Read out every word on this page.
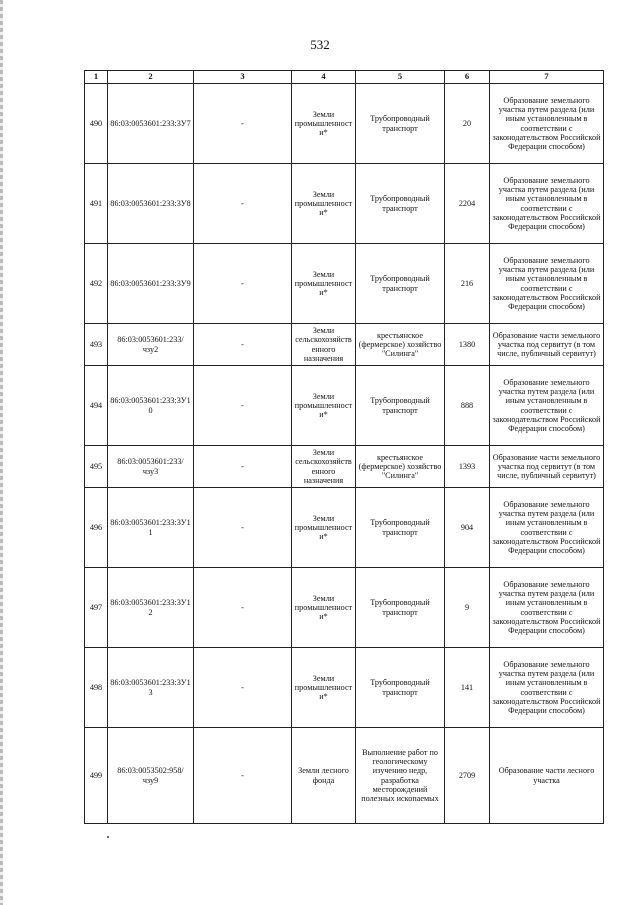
532
1	2	3	4	5	6	7
490	86:03:0053601:233:3У7	-	Земли промышленности*	Трубопроводный транспорт	20	Образование земельного участка путем раздела (или иным установленным в соответствии с законодательством Российской Федерации способом)
491	86:03:0053601:233:3У8	-	Земли промышленности*	Трубопроводный транспорт	2204	Образование земельного участка путем раздела (или иным установленным в соответствии с законодательством Российской Федерации способом)
492	86:03:0053601:233:3У9	-	Земли промышленности*	Трубопроводный транспорт	216	Образование земельного участка путем раздела (или иным установленным в соответствии с законодательством Российской Федерации способом)
493	86:03:0053601:233/чзу2	-	Земли сельскохозяйственного назначения	крестьянское (фермерское) хозяйство "Силинга"	1380	Образование части земельного участка под сервитут (в том числе, публичный сервитут)
494	86:03:0053601:233:3У10	-	Земли промышленности*	Трубопроводный транспорт	888	Образование земельного участка путем раздела (или иным установленным в соответствии с законодательством Российской Федерации способом)
495	86:03:0053601:233/чзу3	-	Земли сельскохозяйственного назначения	крестьянское (фермерское) хозяйство "Силинга"	1393	Образование части земельного участка под сервитут (в том числе, публичный сервитут)
496	86:03:0053601:233:3У11	-	Земли промышленности*	Трубопроводный транспорт	904	Образование земельного участка путем раздела (или иным установленным в соответствии с законодательством Российской Федерации способом)
497	86:03:0053601:233:3У12	-	Земли промышленности*	Трубопроводный транспорт	9	Образование земельного участка путем раздела (или иным установленным в соответствии с законодательством Российской Федерации способом)
498	86:03:0053601:233:3У13	-	Земли промышленности*	Трубопроводный транспорт	141	Образование земельного участка путем раздела (или иным установленным в соответствии с законодательством Российской Федерации способом)
499	86:03:0053502:958/чзу9	-	Земли лесного фонда	Выполнение работ по геологическому изучению недр, разработка месторождений полезных ископаемых	2709	Образование части лесного участка
